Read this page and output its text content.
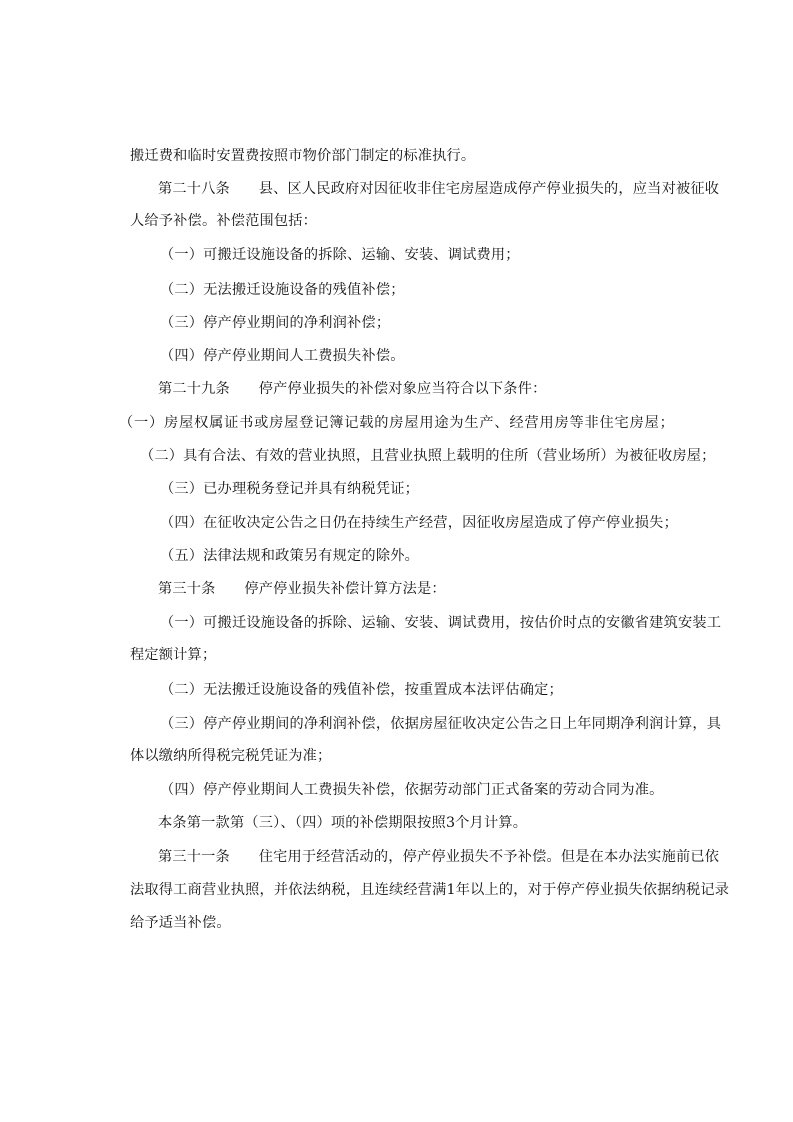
搬迁费和临时安置费按照市物价部门制定的标准执行。
第二十八条　　县、区人民政府对因征收非住宅房屋造成停产停业损失的，应当对被征收
人给予补偿。补偿范围包括：
（一）可搬迁设施设备的拆除、运输、安装、调试费用；
（二）无法搬迁设施设备的残值补偿；
（三）停产停业期间的净利润补偿；
（四）停产停业期间人工费损失补偿。
第二十九条　　停产停业损失的补偿对象应当符合以下条件：
（一）房屋权属证书或房屋登记簿记载的房屋用途为生产、经营用房等非住宅房屋；
（二）具有合法、有效的营业执照，且营业执照上载明的住所（营业场所）为被征收房屋；
（三）已办理税务登记并具有纳税凭证；
（四）在征收决定公告之日仍在持续生产经营，因征收房屋造成了停产停业损失；
（五）法律法规和政策另有规定的除外。
第三十条　　停产停业损失补偿计算方法是：
（一）可搬迁设施设备的拆除、运输、安装、调试费用，按估价时点的安徽省建筑安装工
程定额计算；
（二）无法搬迁设施设备的残值补偿，按重置成本法评估确定；
（三）停产停业期间的净利润补偿，依据房屋征收决定公告之日上年同期净利润计算，具
体以缴纳所得税完税凭证为准；
（四）停产停业期间人工费损失补偿，依据劳动部门正式备案的劳动合同为准。
本条第一款第（三）、（四）项的补偿期限按照3个月计算。
第三十一条　　住宅用于经营活动的，停产停业损失不予补偿。但是在本办法实施前已依
法取得工商营业执照，并依法纳税，且连续经营满1年以上的，对于停产停业损失依据纳税记录
给予适当补偿。
